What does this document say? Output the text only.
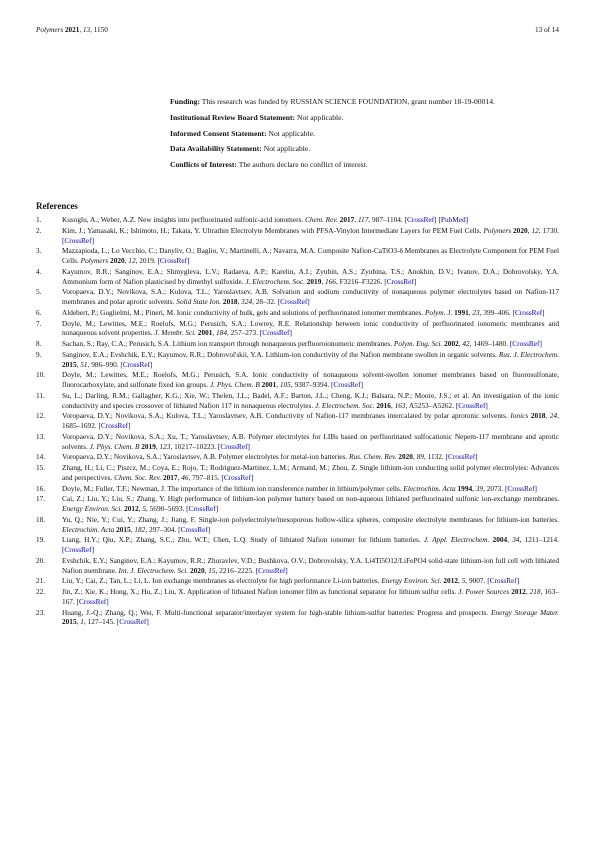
Polymers 2021, 13, 1150	13 of 14

Funding: This research was funded by RUSSIAN SCIENCE FOUNDATION, grant number 18-19-00014.

Institutional Review Board Statement: Not applicable.

Informed Consent Statement: Not applicable.

Data Availability Statement: Not applicable.

Conflicts of Interest: The authors declare no conflict of interest.

References
1.	Kusoglu, A.; Weber, A.Z. New insights into perfluorinated sulfonic-acid ionomers. Chem. Rev. 2017, 117, 987–1104. [CrossRef] [PubMed]
2.	Kim, J.; Yamasaki, K.; Ishimoto, H.; Takata, Y. Ultrathin Electrolyte Membranes with PFSA-Vinylon Intermediate Layers for PEM Fuel Cells. Polymers 2020, 12, 1730. [CrossRef]
3.	Mazzapioda, L.; Lo Vecchio, C.; Danyliv, O.; Baglio, V.; Martinelli, A.; Navarra, M.A. Composite Nafion-CaTiO3-δ Membranes as Electrolyte Component for PEM Fuel Cells. Polymers 2020, 12, 2019. [CrossRef]
4.	Kayumov, R.R.; Sanginov, E.A.; Shmygleva, L.V.; Radaeva, A.P.; Karelin, A.I.; Zyubin, A.S.; Zyubina, T.S.; Anokhin, D.V.; Ivanov, D.A.; Dobrovolsky, Y.A. Ammonium form of Nafion plasticised by dimethyl sulfoxide. J. Electrochem. Soc. 2019, 166, F3216–F3226. [CrossRef]
5.	Voropaeva, D.Y.; Novikova, S.A.; Kulova, T.L.; Yaroslavtsev, A.B. Solvation and sodium conductivity of nonaqueous polymer electrolytes based on Nafion-117 membranes and polar aprotic solvents. Solid State Ion. 2018, 324, 28–32. [CrossRef]
6.	Aldebert, P.; Guglielmi, M.; Pineri, M. Ionic conductivity of bulk, gels and solutions of perfluorinated ionomer membranes. Polym. J. 1991, 23, 399–406. [CrossRef]
7.	Doyle, M.; Lewittes, M.E.; Roelofs, M.G.; Perusich, S.A.; Lowrey, R.E. Relationship between ionic conductivity of perfluorinated ionomeric membranes and nonaqueous solvent properties. J. Membr. Sci. 2001, 184, 257–273. [CrossRef]
8.	Sachan, S.; Ray, C.A.; Perusich, S.A. Lithium ion transport through nonaqueous perfluoroionomeric membranes. Polym. Eng. Sci. 2002, 42, 1469–1480. [CrossRef]
9.	Sanginov, E.A.; Evshchik, E.Y.; Kayumov, R.R.; Dobrovol'skii, Y.A. Lithium-ion conductivity of the Nafion membrane swollen in organic solvents. Rus. J. Electrochem. 2015, 51, 986–990. [CrossRef]
10.	Doyle, M.; Lewittes, M.E.; Roelofs, M.G.; Perusich, S.A. Ionic conductivity of nonaqueous solvent-swollen ionomer membranes based on fluorosulfonate, fluorocarboxylate, and sulfonate fixed ion groups. J. Phys. Chem. B 2001, 105, 9387–9394. [CrossRef]
11.	Su, L.; Darling, R.M.; Gallagher, K.G.; Xie, W.; Thelen, J.L.; Badel, A.F.; Barton, J.L.; Cheng, K.J.; Balsara, N.P.; Moore, J.S.; et al. An investigation of the ionic conductivity and species crossover of lithiated Nafion 117 in nonaqueous electrolytes. J. Electrochem. Soc. 2016, 163, A5253–A5262. [CrossRef]
12.	Voropaeva, D.Y.; Novikova, S.A.; Kulova, T.L.; Yaroslavtsev, A.B. Conductivity of Nafion-117 membranes intercalated by polar aprotonic solvents. Ionics 2018, 24, 1685–1692. [CrossRef]
13.	Voropaeva, D.Y.; Novikova, S.A.; Xu, T.; Yaroslavtsev, A.B. Polymer electrolytes for LIBs based on perfluorinated sulfocationic Nepem-117 membrane and aprotic solvents. J. Phys. Chem. B 2019, 123, 10217–10223. [CrossRef]
14.	Voropaeva, D.Y.; Novikova, S.A.; Yaroslavtsev, A.B. Polymer electrolytes for metal-ion batteries. Rus. Chem. Rev. 2020, 89, 1132. [CrossRef]
15.	Zhang, H.; Li, C.; Piszcz, M.; Coya, E.; Rojo, T.; Rodriguez-Martinez, L.M.; Armand, M.; Zhou, Z. Single lithium-ion conducting solid polymer electrolytes: Advances and perspectives. Chem. Soc. Rev. 2017, 46, 797–815. [CrossRef]
16.	Doyle, M.; Fuller, T.F.; Newman, J. The importance of the lithium ion transference number in lithium/polymer cells. Electrochim. Acta 1994, 39, 2073. [CrossRef]
17.	Cai, Z.; Liu, Y.; Liu, S.; Zhang, Y. High performance of lithium-ion polymer battery based on non-aqueous lithiated perfluorinated sulfonic ion-exchange membranes. Energy Environ. Sci. 2012, 5, 5690–5693. [CrossRef]
18.	Yu, Q.; Nie, Y.; Cui, Y.; Zhang, J.; Jiang, F. Single-ion polyelectrolyte/mesoporous hollow-silica spheres, composite electrolyte membranes for lithium-ion batteries. Electrochim. Acta 2015, 182, 297–304. [CrossRef]
19.	Liang, H.Y.; Qiu, X.P.; Zhang, S.C.; Zhu, W.T.; Chen, L.Q. Study of lithiated Nafion ionomer for lithium batteries. J. Appl. Electrochem. 2004, 34, 1211–1214. [CrossRef]
20.	Evshchik, E.Y.; Sanginov, E.A.; Kayumov, R.R.; Zhuravlev, V.D.; Bushkova, O.V.; Dobrovolsky, Y.A. Li4Ti5O12/LiFePO4 solid-state lithium-ion full cell with lithiated Nafion membrane. Int. J. Electrochem. Sci. 2020, 15, 2216–2225. [CrossRef]
21.	Liu, Y.; Cai, Z.; Tan, L.; Li, L. Ion exchange membranes as electrolyte for high performance Li-ion batteries. Energy Environ. Sci. 2012, 5, 9007. [CrossRef]
22.	Jin, Z.; Xie, K.; Hong, X.; Hu, Z.; Liu, X. Application of lithiated Nafion ionomer film as functional separator for lithium sulfur cells. J. Power Sources 2012, 218, 163–167. [CrossRef]
23.	Huang, J.-Q.; Zhang, Q.; Wei, F. Multi-functional separator/interlayer system for high-stable lithium-sulfur batteries: Progress and prospects. Energy Storage Mater. 2015, 1, 127–145. [CrossRef]
